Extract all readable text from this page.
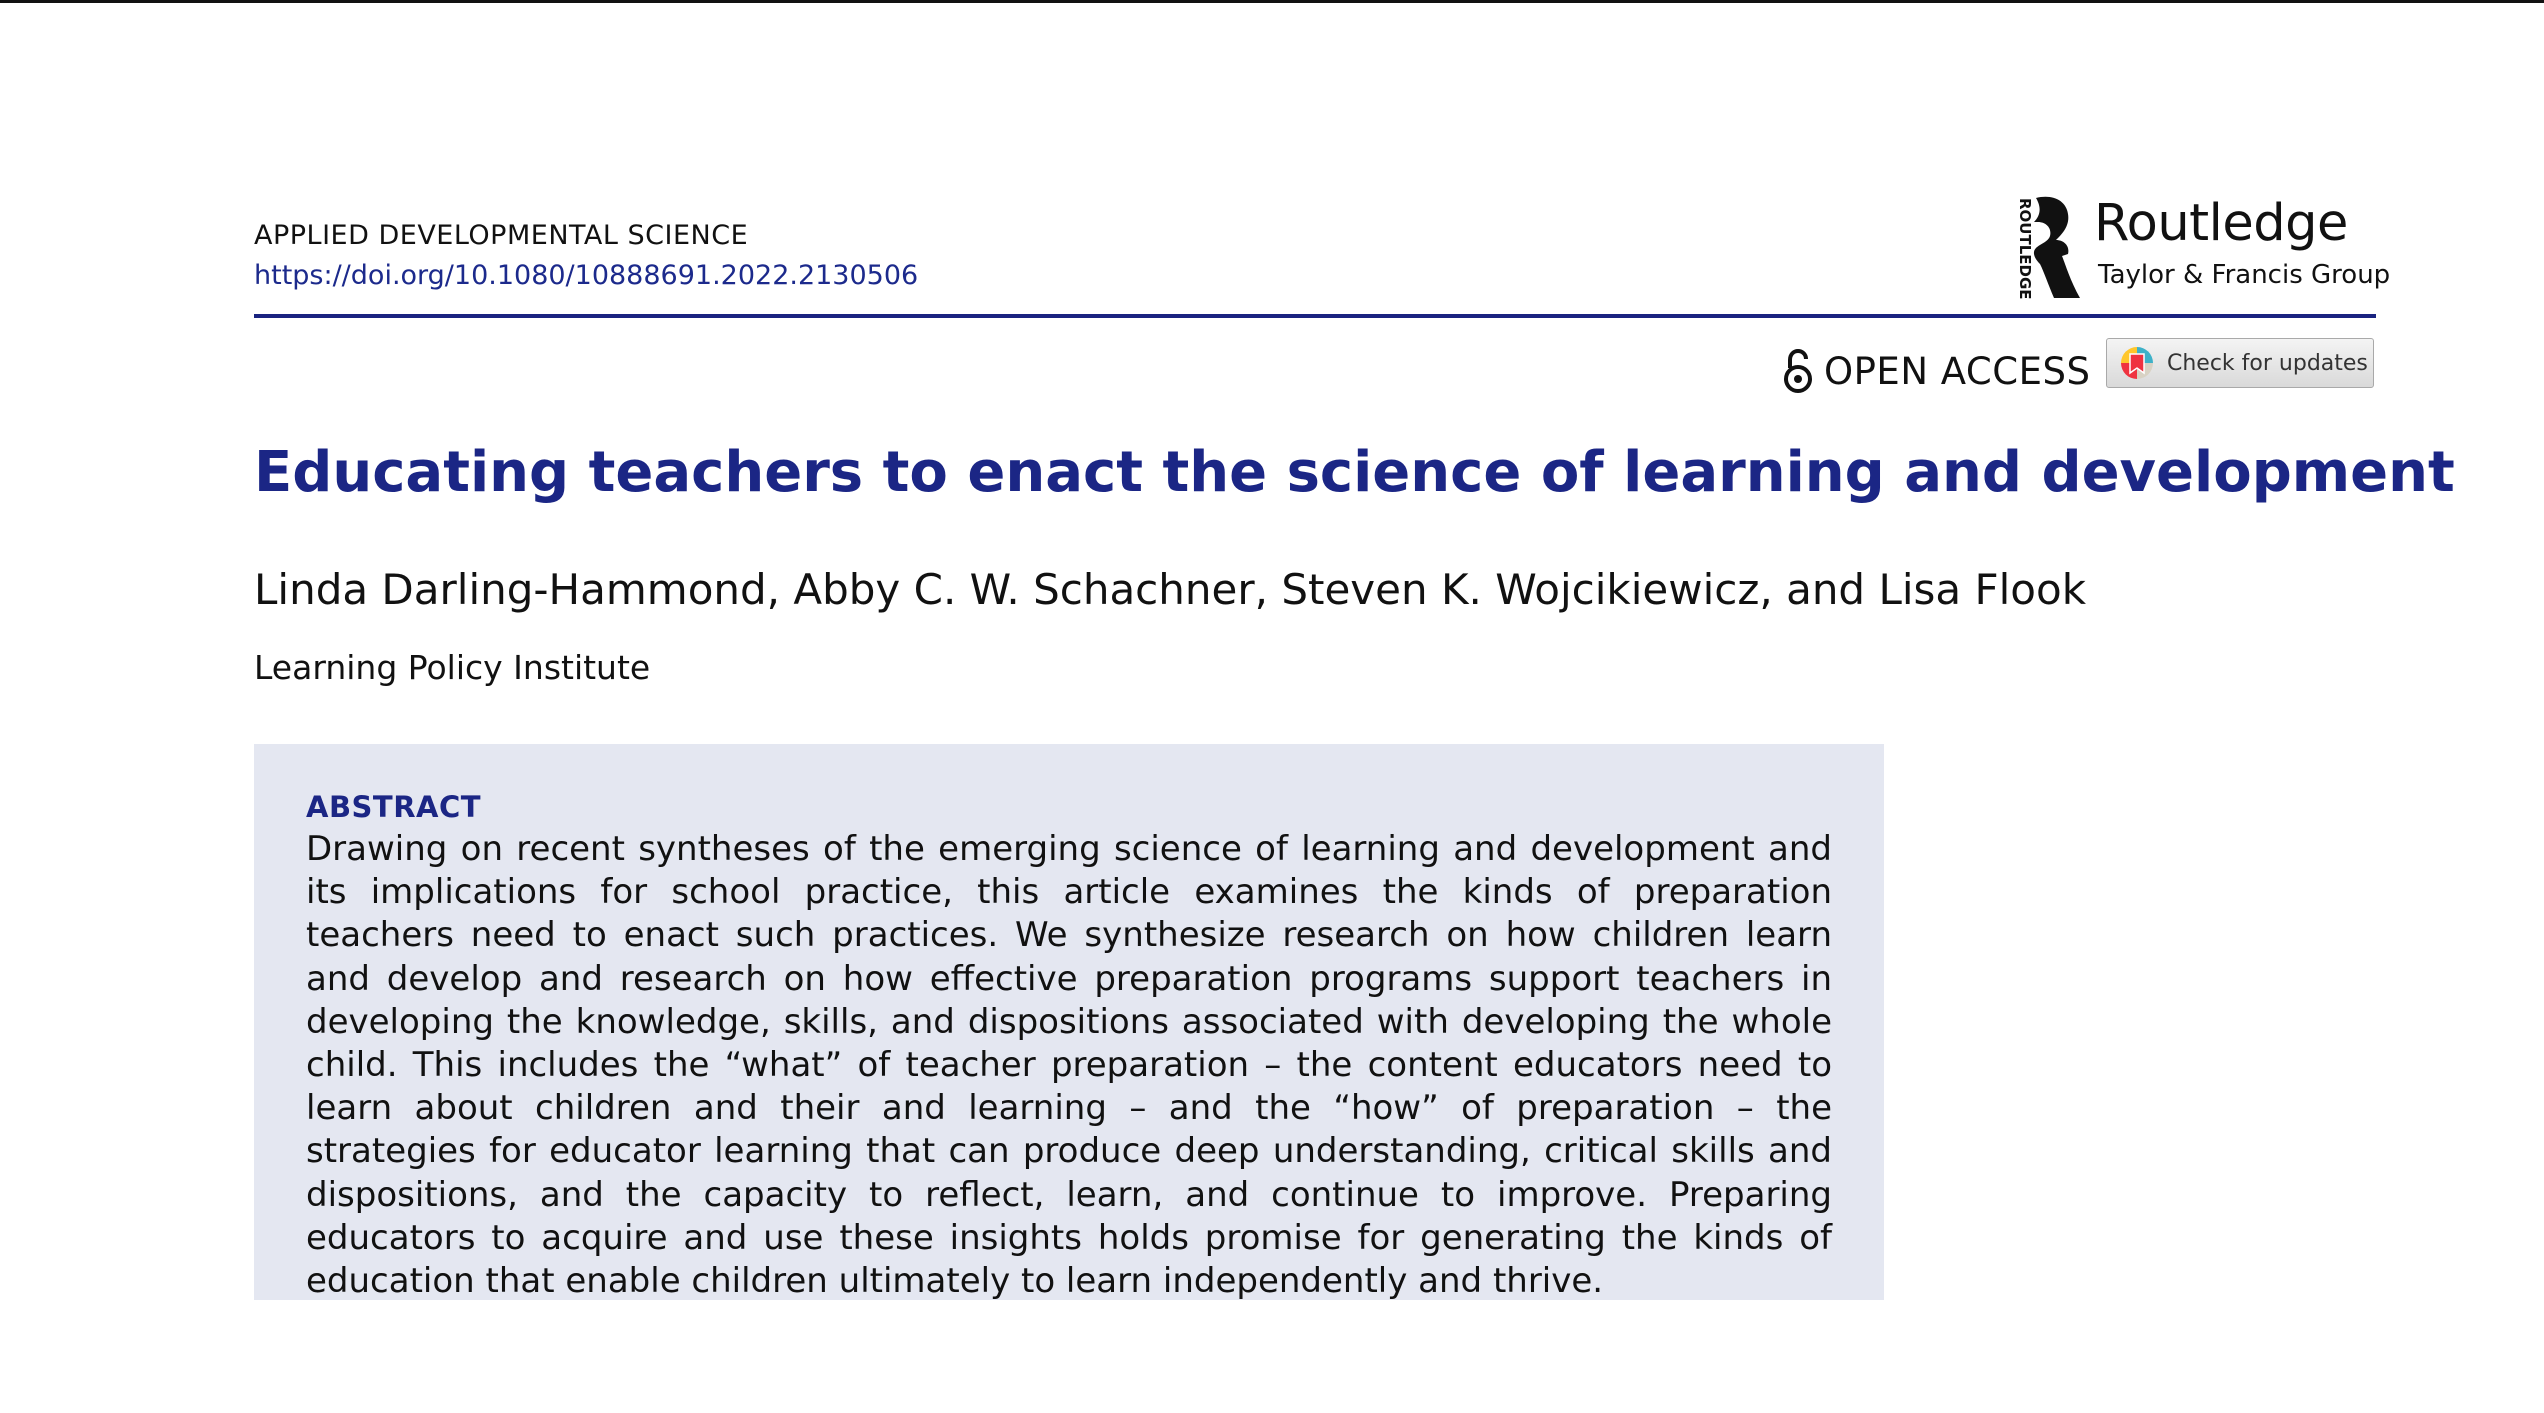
APPLIED DEVELOPMENTAL SCIENCE
https://doi.org/10.1080/10888691.2022.2130506	ROUTLEDGE Routledge
Taylor & Francis Group
OPEN ACCESS	Check for updates
Educating teachers to enact the science of learning and development
Linda Darling-Hammond, Abby C. W. Schachner, Steven K. Wojcikiewicz, and Lisa Flook
Learning Policy Institute
ABSTRACT
Drawing on recent syntheses of the emerging science of learning and development and its implications for school practice, this article examines the kinds of preparation teachers need to enact such practices. We synthesize research on how children learn and develop and research on how effective preparation programs support teachers in developing the knowledge, skills, and dispositions associated with developing the whole child. This includes the “what” of teacher preparation – the content educators need to learn about children and their and learning – and the “how” of preparation – the strategies for educator learning that can produce deep understanding, critical skills and dispositions, and the capacity to reflect, learn, and continue to improve. Preparing educators to acquire and use these insights holds promise for generating the kinds of education that enable children ultimately to learn independently and thrive.
